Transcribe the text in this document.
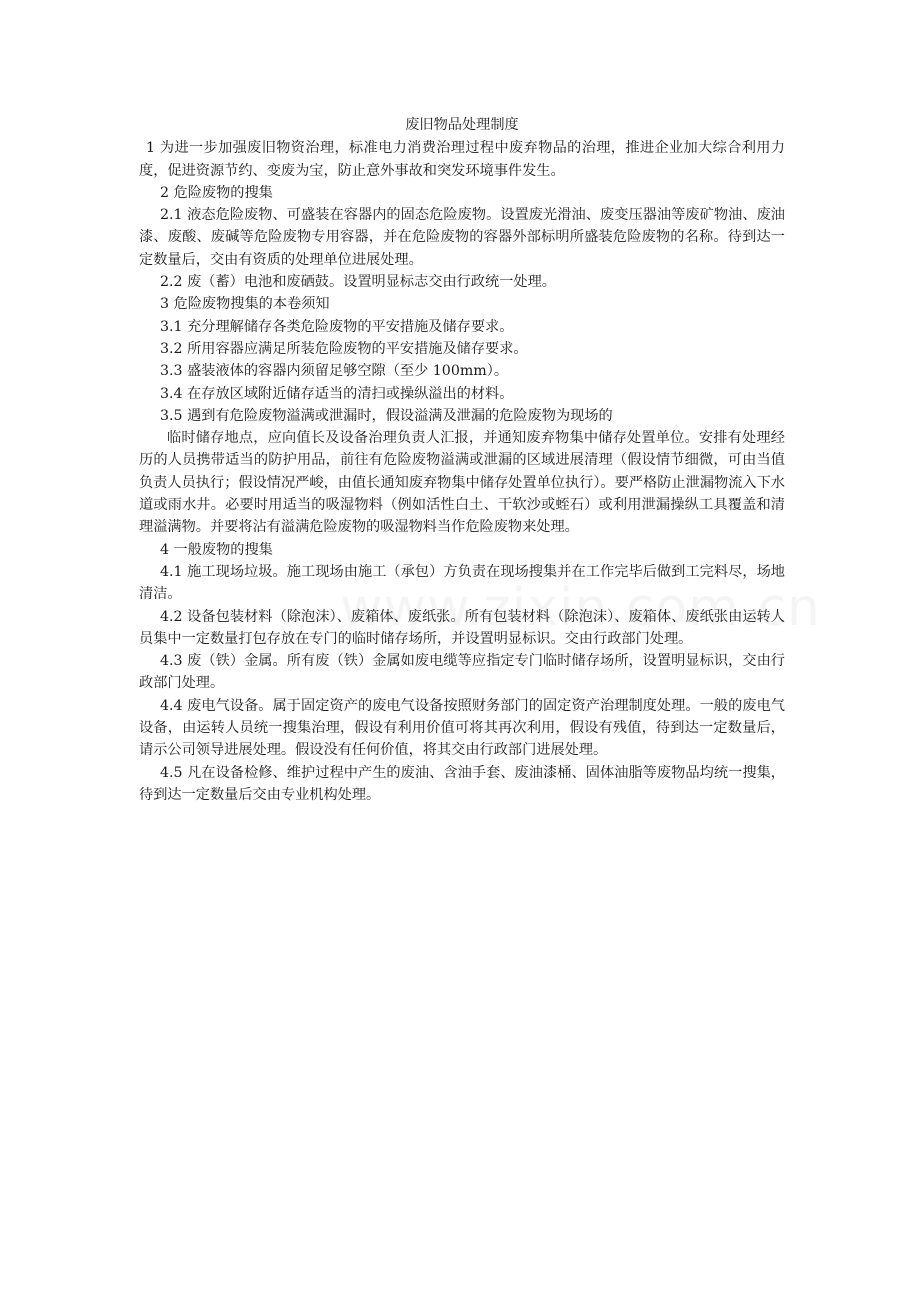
废旧物品处理制度

1 为进一步加强废旧物资治理，标准电力消费治理过程中废弃物品的治理，推进企业加大综合利用力度，促进资源节约、变废为宝，防止意外事故和突发环境事件发生。

2 危险废物的搜集

2.1 液态危险废物、可盛装在容器内的固态危险废物。设置废光滑油、废变压器油等废矿物油、废油漆、废酸、废碱等危险废物专用容器，并在危险废物的容器外部标明所盛装危险废物的名称。待到达一定数量后，交由有资质的处理单位进展处理。

2.2 废（蓄）电池和废硒鼓。设置明显标志交由行政统一处理。

3 危险废物搜集的本卷须知

3.1 充分理解储存各类危险废物的平安措施及储存要求。

3.2 所用容器应满足所装危险废物的平安措施及储存要求。

3.3 盛装液体的容器内须留足够空隙（至少 100mm）。

3.4 在存放区域附近储存适当的清扫或操纵溢出的材料。

3.5 遇到有危险废物溢满或泄漏时，假设溢满及泄漏的危险废物为现场的

临时储存地点，应向值长及设备治理负责人汇报，并通知废弃物集中储存处置单位。安排有处理经历的人员携带适当的防护用品，前往有危险废物溢满或泄漏的区域进展清理（假设情节细微，可由当值负责人员执行；假设情况严峻，由值长通知废弃物集中储存处置单位执行）。要严格防止泄漏物流入下水道或雨水井。必要时用适当的吸湿物料（例如活性白土、干软沙或蛭石）或利用泄漏操纵工具覆盖和清理溢满物。并要将沾有溢满危险废物的吸湿物料当作危险废物来处理。

4 一般废物的搜集

4.1 施工现场垃圾。施工现场由施工（承包）方负责在现场搜集并在工作完毕后做到工完料尽，场地清洁。

4.2 设备包装材料（除泡沫）、废箱体、废纸张。所有包装材料（除泡沫）、废箱体、废纸张由运转人员集中一定数量打包存放在专门的临时储存场所，并设置明显标识。交由行政部门处理。

4.3 废（铁）金属。所有废（铁）金属如废电缆等应指定专门临时储存场所，设置明显标识，交由行政部门处理。

4.4 废电气设备。属于固定资产的废电气设备按照财务部门的固定资产治理制度处理。一般的废电气设备，由运转人员统一搜集治理，假设有利用价值可将其再次利用，假设有残值，待到达一定数量后，请示公司领导进展处理。假设没有任何价值，将其交由行政部门进展处理。

4.5 凡在设备检修、维护过程中产生的废油、含油手套、废油漆桶、固体油脂等废物品均统一搜集，待到达一定数量后交由专业机构处理。
